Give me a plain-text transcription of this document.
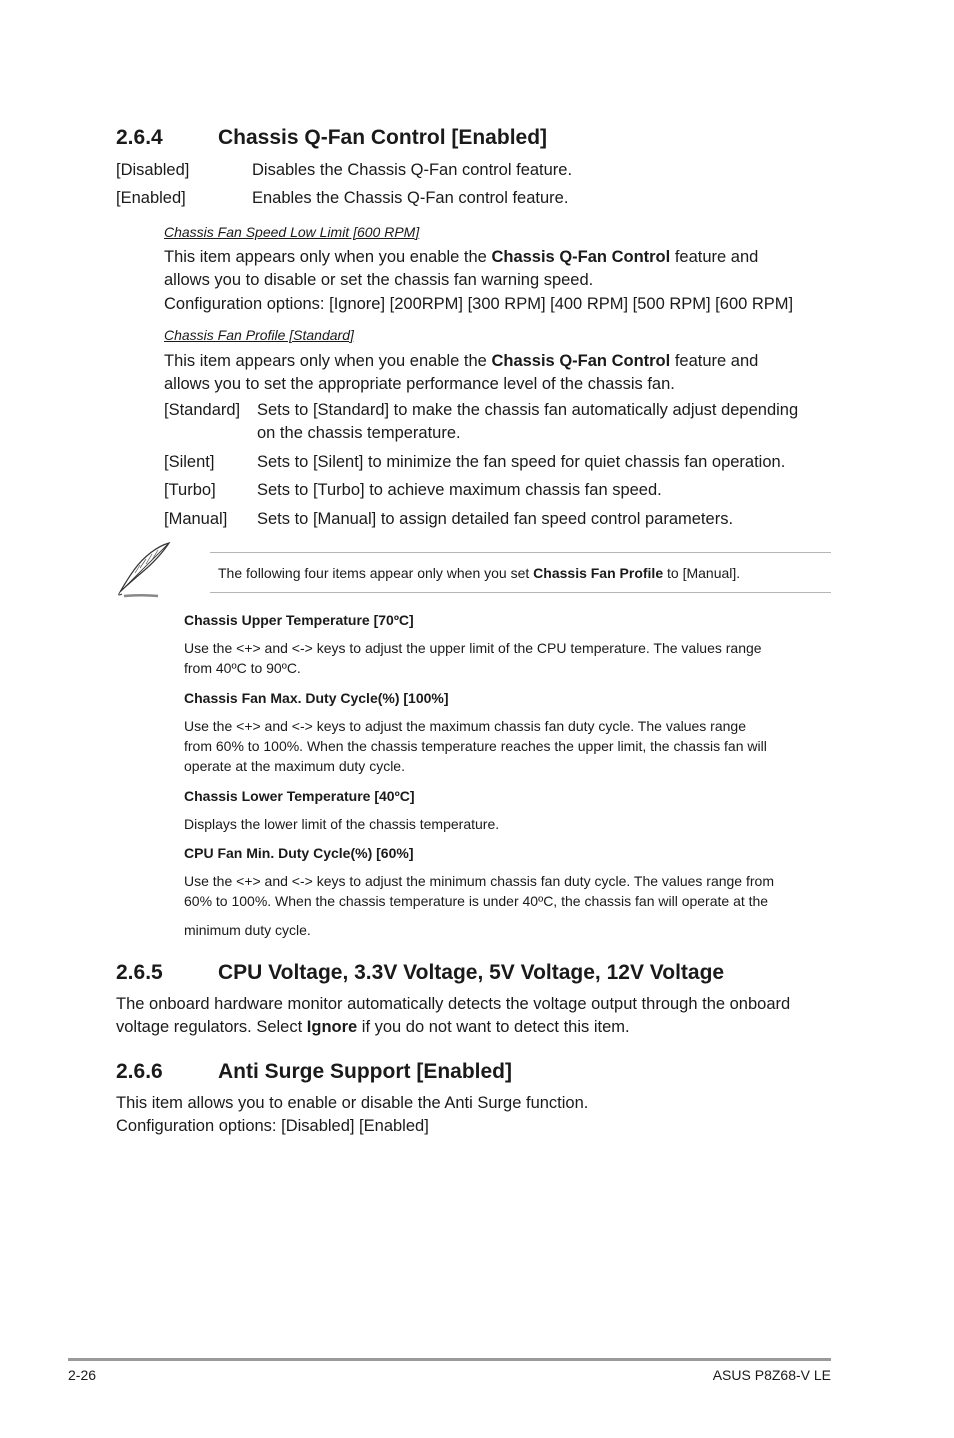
2.6.4	Chassis Q-Fan Control [Enabled]
[Disabled]	Disables the Chassis Q-Fan control feature.
[Enabled]	Enables the Chassis Q-Fan control feature.
Chassis Fan Speed Low Limit [600 RPM]
This item appears only when you enable the Chassis Q-Fan Control feature and
allows you to disable or set the chassis fan warning speed.
Configuration options: [Ignore] [200RPM] [300 RPM] [400 RPM] [500 RPM] [600 RPM]
Chassis Fan Profile [Standard]
This item appears only when you enable the Chassis Q-Fan Control feature and
allows you to set the appropriate performance level of the chassis fan.
[Standard] Sets to [Standard] to make the chassis fan automatically adjust depending
on the chassis temperature.
[Silent]	Sets to [Silent] to minimize the fan speed for quiet chassis fan operation.
[Turbo]	Sets to [Turbo] to achieve maximum chassis fan speed.
[Manual] Sets to [Manual] to assign detailed fan speed control parameters.
The following four items appear only when you set Chassis Fan Profile to [Manual].
Chassis Upper Temperature [70ºC]
Use the <+> and <-> keys to adjust the upper limit of the CPU temperature. The values range
from 40ºC to 90ºC.
Chassis Fan Max. Duty Cycle(%) [100%]
Use the <+> and <-> keys to adjust the maximum chassis fan duty cycle. The values range
from 60% to 100%. When the chassis temperature reaches the upper limit, the chassis fan will
operate at the maximum duty cycle.
Chassis Lower Temperature [40ºC]
Displays the lower limit of the chassis temperature.
CPU Fan Min. Duty Cycle(%) [60%]
Use the <+> and <-> keys to adjust the minimum chassis fan duty cycle. The values range from
60% to 100%. When the chassis temperature is under 40ºC, the chassis fan will operate at the
minimum duty cycle.
2.6.5	CPU Voltage, 3.3V Voltage, 5V Voltage, 12V Voltage
The onboard hardware monitor automatically detects the voltage output through the onboard
voltage regulators. Select Ignore if you do not want to detect this item.
2.6.6	Anti Surge Support [Enabled]
This item allows you to enable or disable the Anti Surge function.
Configuration options: [Disabled] [Enabled]
2-26	ASUS P8Z68-V LE
